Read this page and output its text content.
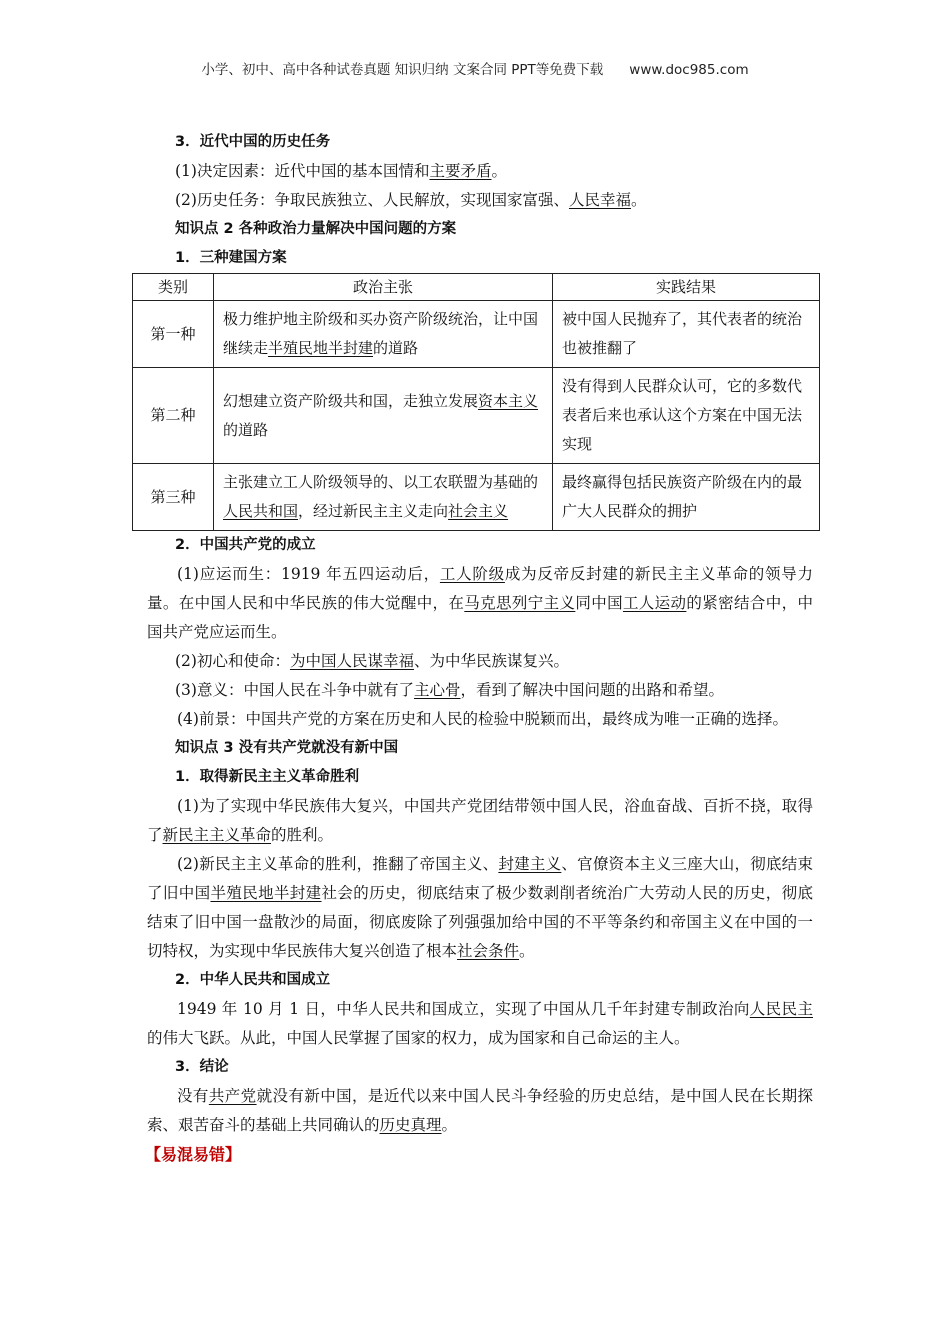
小学、初中、高中各种试卷真题 知识归纳 文案合同 PPT等免费下载 www.doc985.com
3．近代中国的历史任务
(1)决定因素：近代中国的基本国情和主要矛盾。
(2)历史任务：争取民族独立、人民解放，实现国家富强、人民幸福。
知识点 2 各种政治力量解决中国问题的方案
1．三种建国方案
类别	政治主张	实践结果
第一种	极力维护地主阶级和买办资产阶级统治，让中国继续走半殖民地半封建的道路	被中国人民抛弃了，其代表者的统治也被推翻了
第二种	幻想建立资产阶级共和国，走独立发展资本主义的道路	没有得到人民群众认可，它的多数代表者后来也承认这个方案在中国无法实现
第三种	主张建立工人阶级领导的、以工农联盟为基础的人民共和国，经过新民主主义走向社会主义	最终赢得包括民族资产阶级在内的最广大人民群众的拥护
2．中国共产党的成立
(1)应运而生：1919 年五四运动后，工人阶级成为反帝反封建的新民主主义革命的领导力量。在中国人民和中华民族的伟大觉醒中，在马克思列宁主义同中国工人运动的紧密结合中，中国共产党应运而生。
(2)初心和使命：为中国人民谋幸福、为中华民族谋复兴。
(3)意义：中国人民在斗争中就有了主心骨，看到了解决中国问题的出路和希望。
(4)前景：中国共产党的方案在历史和人民的检验中脱颖而出，最终成为唯一正确的选择。
知识点 3 没有共产党就没有新中国
1．取得新民主主义革命胜利
(1)为了实现中华民族伟大复兴，中国共产党团结带领中国人民，浴血奋战、百折不挠，取得了新民主主义革命的胜利。
(2)新民主主义革命的胜利，推翻了帝国主义、封建主义、官僚资本主义三座大山，彻底结束了旧中国半殖民地半封建社会的历史，彻底结束了极少数剥削者统治广大劳动人民的历史，彻底结束了旧中国一盘散沙的局面，彻底废除了列强强加给中国的不平等条约和帝国主义在中国的一切特权，为实现中华民族伟大复兴创造了根本社会条件。
2．中华人民共和国成立
1949 年 10 月 1 日，中华人民共和国成立，实现了中国从几千年封建专制政治向人民民主的伟大飞跃。从此，中国人民掌握了国家的权力，成为国家和自己命运的主人。
3．结论
没有共产党就没有新中国，是近代以来中国人民斗争经验的历史总结，是中国人民在长期探索、艰苦奋斗的基础上共同确认的历史真理。
【易混易错】
